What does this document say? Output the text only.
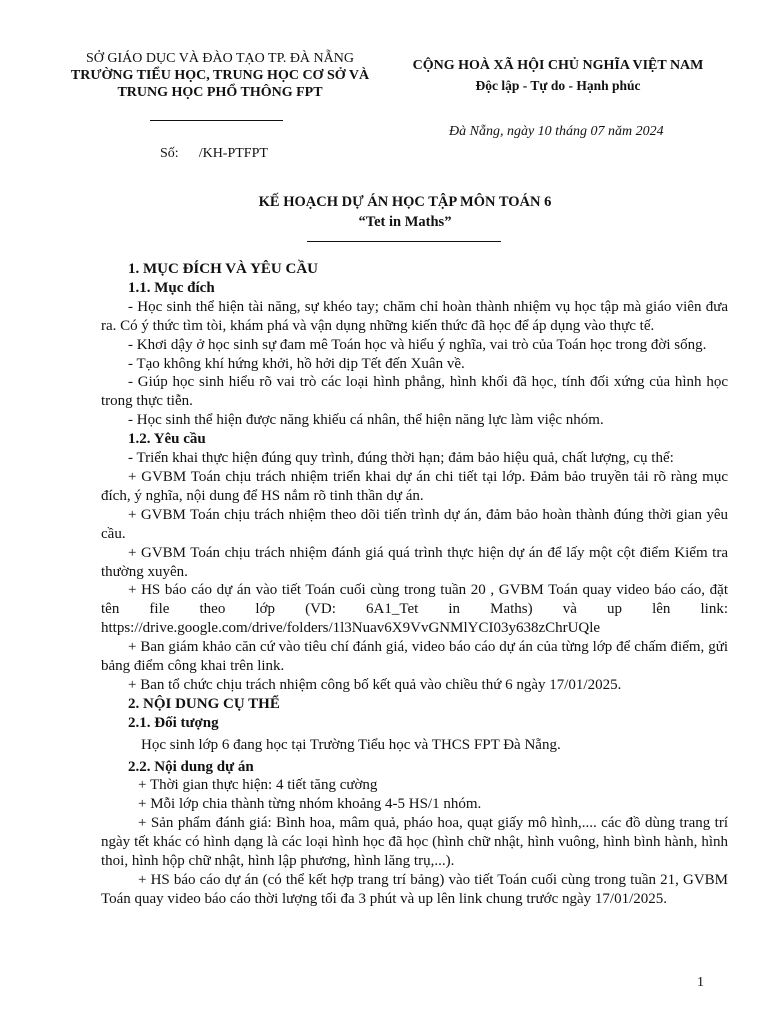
SỞ GIÁO DỤC VÀ ĐÀO TẠO TP. ĐÀ NẴNG
TRƯỜNG TIỂU HỌC, TRUNG HỌC CƠ SỞ VÀ
TRUNG HỌC PHỔ THÔNG FPT
CỘNG HOÀ XÃ HỘI CHỦ NGHĨA VIỆT NAM
Độc lập - Tự do - Hạnh phúc
Đà Nẵng, ngày 10 tháng 07 năm 2024
Số: /KH-PTFPT
KẾ HOẠCH DỰ ÁN HỌC TẬP MÔN TOÁN 6
“Tet in Maths”

1. MỤC ĐÍCH VÀ YÊU CẦU

1.1. Mục đích

- Học sinh thể hiện tài năng, sự khéo tay; chăm chỉ hoàn thành nhiệm vụ học tập mà giáo viên đưa ra. Có ý thức tìm tòi, khám phá và vận dụng những kiến thức đã học để áp dụng vào thực tế.

- Khơi dậy ở học sinh sự đam mê Toán học và hiểu ý nghĩa, vai trò của Toán học trong đời sống.

- Tạo không khí hứng khởi, hồ hởi dịp Tết đến Xuân về.

- Giúp học sinh hiểu rõ vai trò các loại hình phẳng, hình khối đã học, tính đối xứng của hình học trong thực tiễn.

- Học sinh thể hiện được năng khiếu cá nhân, thể hiện năng lực làm việc nhóm.

1.2. Yêu cầu

- Triển khai thực hiện đúng quy trình, đúng thời hạn; đảm bảo hiệu quả, chất lượng, cụ thể:

+ GVBM Toán chịu trách nhiệm triển khai dự án chi tiết tại lớp. Đảm bảo truyền tải rõ ràng mục đích, ý nghĩa, nội dung để HS nắm rõ tinh thần dự án.

+ GVBM Toán chịu trách nhiệm theo dõi tiến trình dự án, đảm bảo hoàn thành đúng thời gian yêu cầu.

+ GVBM Toán chịu trách nhiệm đánh giá quá trình thực hiện dự án để lấy một cột điểm Kiểm tra thường xuyên.

+ HS báo cáo dự án vào tiết Toán cuối cùng trong tuần 20 , GVBM Toán quay video báo cáo, đặt tên file theo lớp (VD: 6A1_Tet in Maths) và up lên link: https://drive.google.com/drive/folders/1l3Nuav6X9VvGNMlYCI03y638zChrUQle

+ Ban giám khảo căn cứ vào tiêu chí đánh giá, video báo cáo dự án của từng lớp để chấm điểm, gửi bảng điểm công khai trên link.

+ Ban tổ chức chịu trách nhiệm công bố kết quả vào chiều thứ 6 ngày 17/01/2025.

2. NỘI DUNG CỤ THỂ

2.1. Đối tượng

Học sinh lớp 6 đang học tại Trường Tiểu học và THCS FPT Đà Nẵng.

2.2. Nội dung dự án

+ Thời gian thực hiện: 4 tiết tăng cường

+ Mỗi lớp chia thành từng nhóm khoảng 4-5 HS/1 nhóm.

+ Sản phẩm đánh giá: Bình hoa, mâm quả, pháo hoa, quạt giấy mô hình,.... các đồ dùng trang trí ngày tết khác có hình dạng là các loại hình học đã học (hình chữ nhật, hình vuông, hình bình hành, hình thoi, hình hộp chữ nhật, hình lập phương, hình lăng trụ,...).

+ HS báo cáo dự án (có thể kết hợp trang trí bảng) vào tiết Toán cuối cùng trong tuần 21, GVBM Toán quay video báo cáo thời lượng tối đa 3 phút và up lên link chung trước ngày 17/01/2025.

1
